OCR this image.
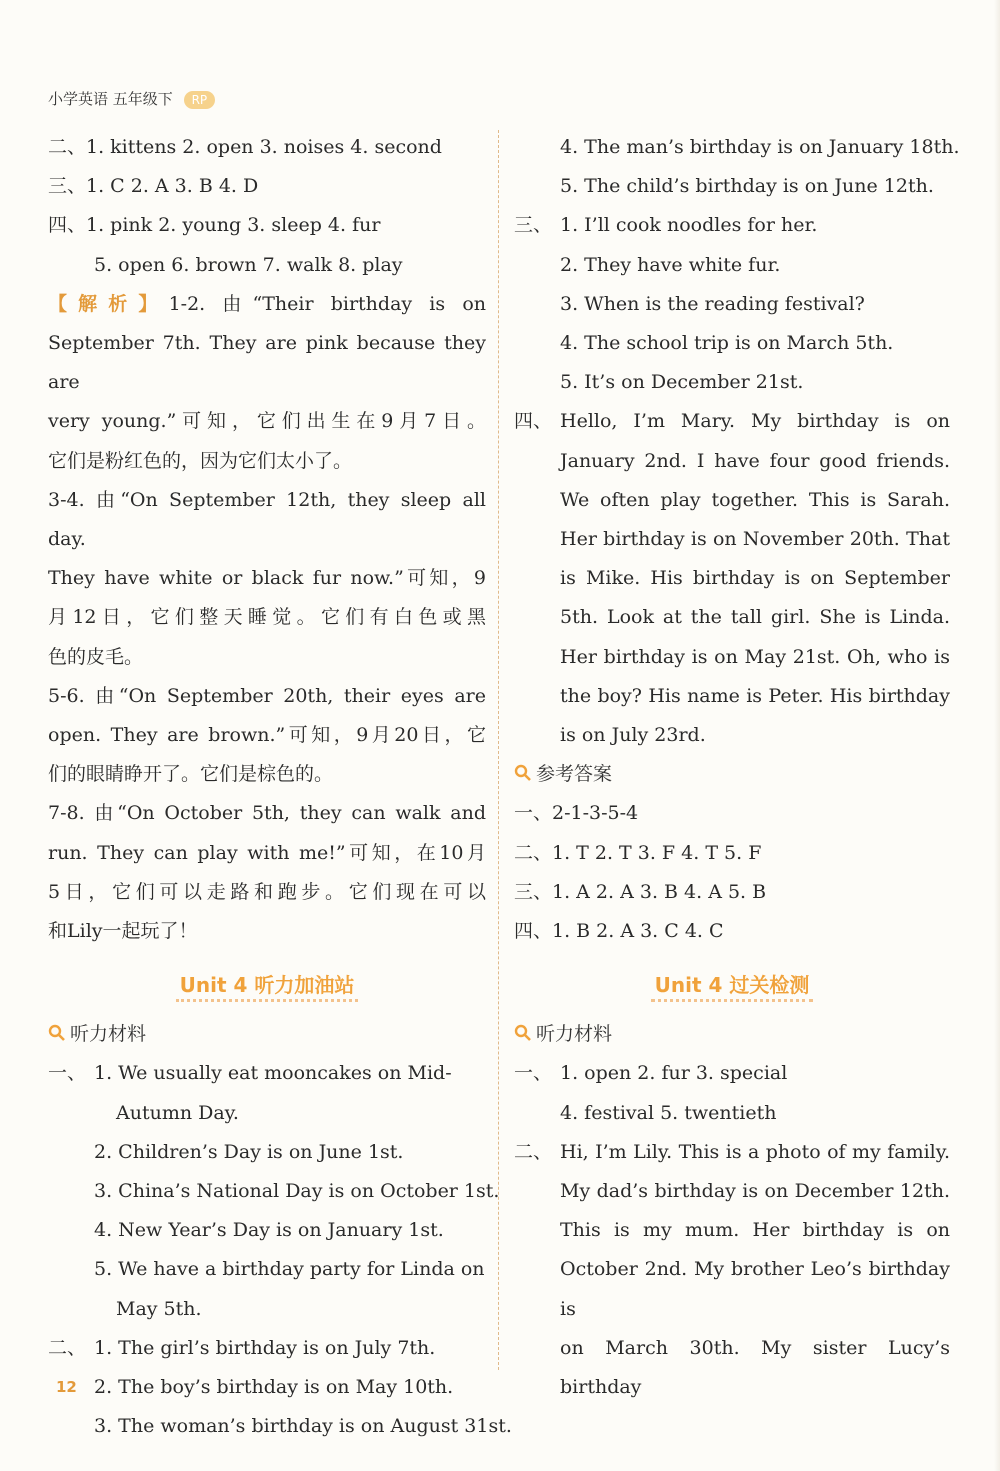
小学英语 五年级下 RP
二、1. kittens 2. open 3. noises 4. second
三、1. C 2. A 3. B 4. D
四、1. pink 2. young 3. sleep 4. fur
5. open 6. brown 7. walk 8. play
【解析】1-2. 由“Their birthday is on
September 7th. They are pink because they are
very young.”可知，它们出生在9月7日。
它们是粉红色的，因为它们太小了。
3-4. 由“On September 12th, they sleep all day.
They have white or black fur now.”可知，9
月12日，它们整天睡觉。它们有白色或黑
色的皮毛。
5-6. 由“On September 20th, their eyes are
open. They are brown.”可知，9月20日，它
们的眼睛睁开了。它们是棕色的。
7-8. 由“On October 5th, they can walk and
run. They can play with me!”可知，在10月
5日，它们可以走路和跑步。它们现在可以
和Lily一起玩了！
Unit 4 听力加油站
听力材料
一、 1. We usually eat mooncakes on Mid-
Autumn Day.
2. Children’s Day is on June 1st.
3. China’s National Day is on October 1st.
4. New Year’s Day is on January 1st.
5. We have a birthday party for Linda on
May 5th.
二、 1. The girl’s birthday is on July 7th.
2. The boy’s birthday is on May 10th.
3. The woman’s birthday is on August 31st.
4. The man’s birthday is on January 18th.
5. The child’s birthday is on June 12th.
三、 1. I’ll cook noodles for her.
2. They have white fur.
3. When is the reading festival?
4. The school trip is on March 5th.
5. It’s on December 21st.
四、 Hello, I’m Mary. My birthday is on
January 2nd. I have four good friends.
We often play together. This is Sarah.
Her birthday is on November 20th. That
is Mike. His birthday is on September
5th. Look at the tall girl. She is Linda.
Her birthday is on May 21st. Oh, who is
the boy? His name is Peter. His birthday
is on July 23rd.
参考答案
一、2-1-3-5-4
二、1. T 2. T 3. F 4. T 5. F
三、1. A 2. A 3. B 4. A 5. B
四、1. B 2. A 3. C 4. C
Unit 4 过关检测
听力材料
一、 1. open 2. fur 3. special
4. festival 5. twentieth
二、 Hi, I’m Lily. This is a photo of my family.
My dad’s birthday is on December 12th.
This is my mum. Her birthday is on
October 2nd. My brother Leo’s birthday is
on March 30th. My sister Lucy’s birthday
12
